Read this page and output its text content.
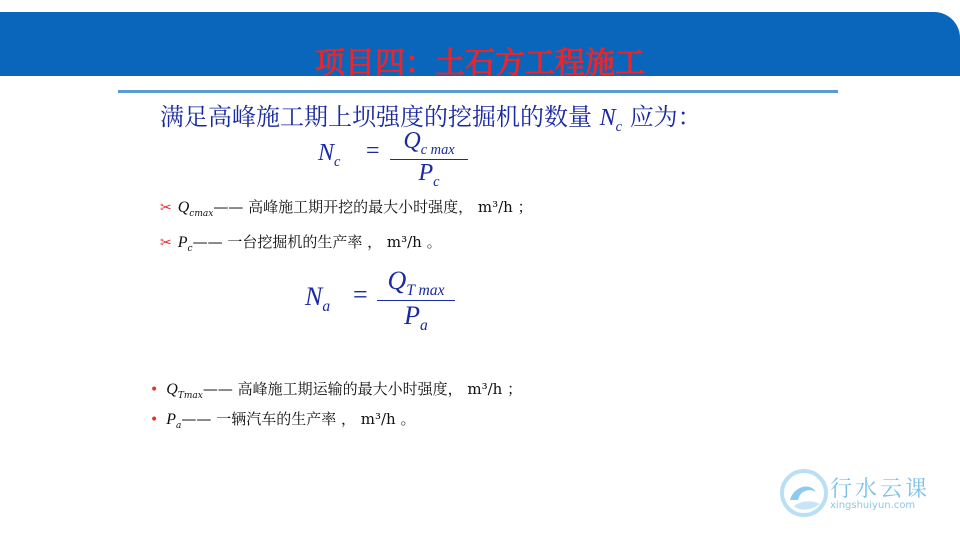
项目四：土石方工程施工
满足高峰施工期上坝强度的挖掘机的数量 $N_c$ 应为：
$N_c = Q_{c max}$
$P_c$
✂ $Q_{cmax}——$ 高峰施工期开挖的最大小时强度， m³/h ；
✂ $P_c——$ 一台挖掘机的生产率 ， m³/h 。
$N_a = Q_{T max}$
$P_a$
• $Q_{Tmax}——$ 高峰施工期运输的最大小时强度， m³/h ；
• $P_a——$ 一辆汽车的生产率 ， m³/h 。
行水云课
xingshuiyun.com
